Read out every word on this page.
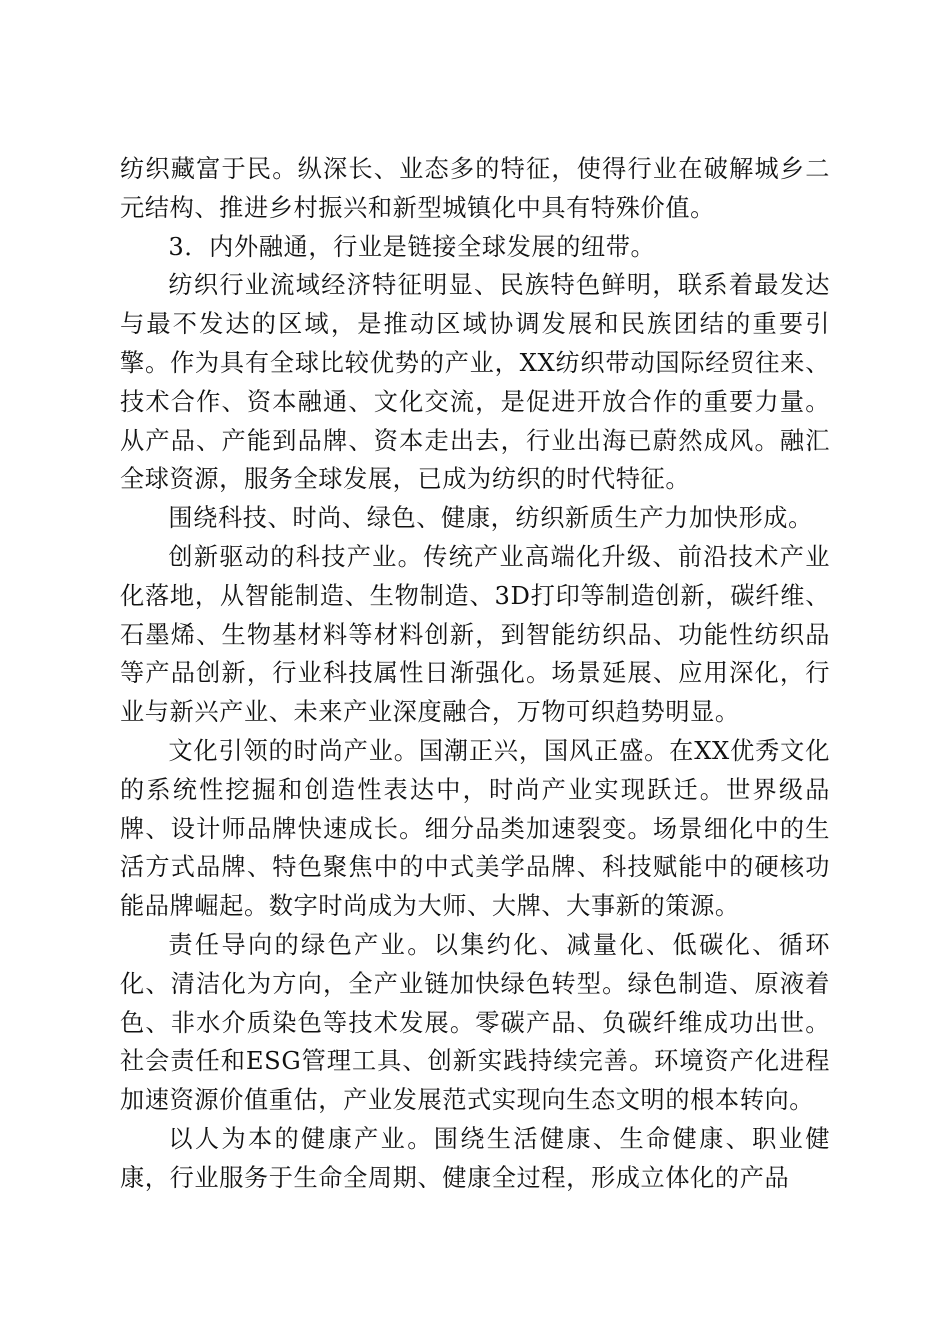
纺织藏富于民。纵深长、业态多的特征，使得行业在破解城乡二元结构、推进乡村振兴和新型城镇化中具有特殊价值。

3．内外融通，行业是链接全球发展的纽带。

纺织行业流域经济特征明显、民族特色鲜明，联系着最发达与最不发达的区域，是推动区域协调发展和民族团结的重要引擎。作为具有全球比较优势的产业，XX纺织带动国际经贸往来、技术合作、资本融通、文化交流，是促进开放合作的重要力量。从产品、产能到品牌、资本走出去，行业出海已蔚然成风。融汇全球资源，服务全球发展，已成为纺织的时代特征。

围绕科技、时尚、绿色、健康，纺织新质生产力加快形成。

创新驱动的科技产业。传统产业高端化升级、前沿技术产业化落地，从智能制造、生物制造、3D打印等制造创新，碳纤维、石墨烯、生物基材料等材料创新，到智能纺织品、功能性纺织品等产品创新，行业科技属性日渐强化。场景延展、应用深化，行业与新兴产业、未来产业深度融合，万物可织趋势明显。

文化引领的时尚产业。国潮正兴，国风正盛。在XX优秀文化的系统性挖掘和创造性表达中，时尚产业实现跃迁。世界级品牌、设计师品牌快速成长。细分品类加速裂变。场景细化中的生活方式品牌、特色聚焦中的中式美学品牌、科技赋能中的硬核功能品牌崛起。数字时尚成为大师、大牌、大事新的策源。

责任导向的绿色产业。以集约化、减量化、低碳化、循环化、清洁化为方向，全产业链加快绿色转型。绿色制造、原液着色、非水介质染色等技术发展。零碳产品、负碳纤维成功出世。社会责任和ESG管理工具、创新实践持续完善。环境资产化进程加速资源价值重估，产业发展范式实现向生态文明的根本转向。

以人为本的健康产业。围绕生活健康、生命健康、职业健康，行业服务于生命全周期、健康全过程，形成立体化的产品
